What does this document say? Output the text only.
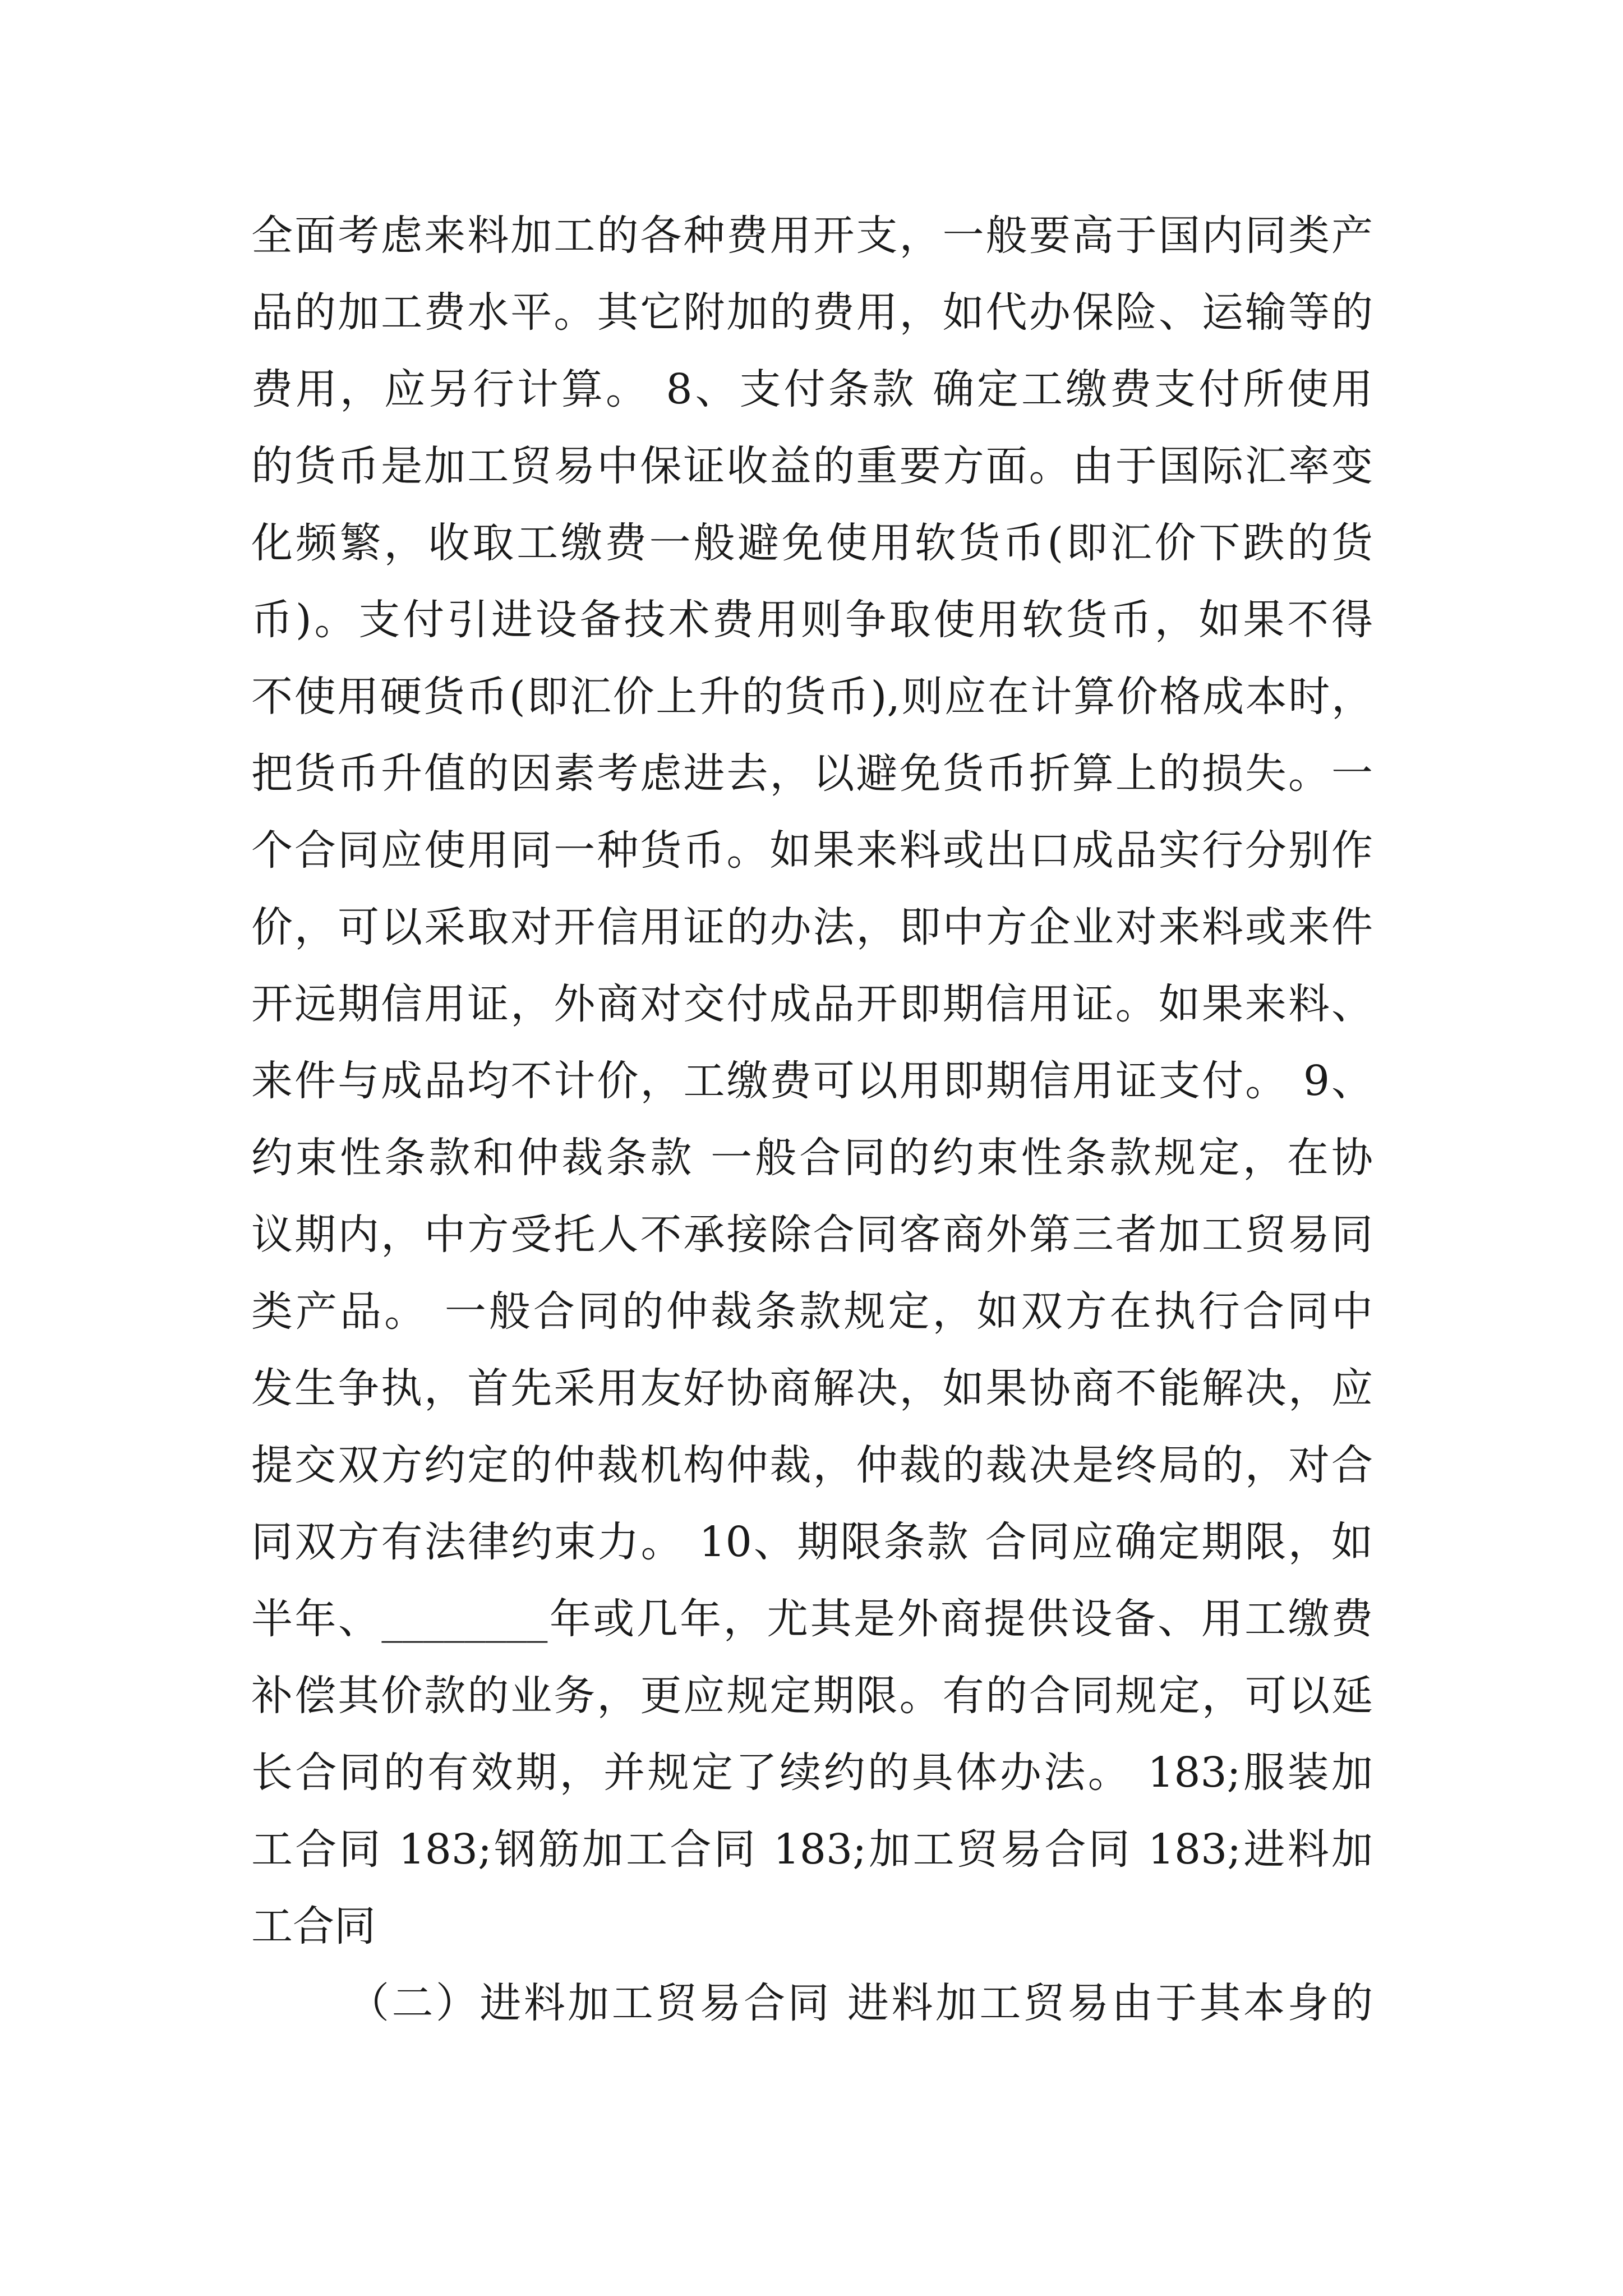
全面考虑来料加工的各种费用开支，一般要高于国内同类产
品的加工费水平。其它附加的费用，如代办保险、运输等的
费用，应另行计算。 8、支付条款 确定工缴费支付所使用
的货币是加工贸易中保证收益的重要方面。由于国际汇率变
化频繁，收取工缴费一般避免使用软货币(即汇价下跌的货
币)。支付引进设备技术费用则争取使用软货币，如果不得
不使用硬货币(即汇价上升的货币),则应在计算价格成本时，
把货币升值的因素考虑进去，以避免货币折算上的损失。一
个合同应使用同一种货币。如果来料或出口成品实行分别作
价，可以采取对开信用证的办法，即中方企业对来料或来件
开远期信用证，外商对交付成品开即期信用证。如果来料、
来件与成品均不计价，工缴费可以用即期信用证支付。 9、
约束性条款和仲裁条款 一般合同的约束性条款规定，在协
议期内，中方受托人不承接除合同客商外第三者加工贸易同
类产品。 一般合同的仲裁条款规定，如双方在执行合同中
发生争执，首先采用友好协商解决，如果协商不能解决，应
提交双方约定的仲裁机构仲裁，仲裁的裁决是终局的，对合
同双方有法律约束力。 10、期限条款 合同应确定期限，如
半年、________年或几年，尤其是外商提供设备、用工缴费
补偿其价款的业务，更应规定期限。有的合同规定，可以延
长合同的有效期，并规定了续约的具体办法。 183;服装加
工合同 183;钢筋加工合同 183;加工贸易合同 183;进料加
工合同
（二）进料加工贸易合同 进料加工贸易由于其本身的
